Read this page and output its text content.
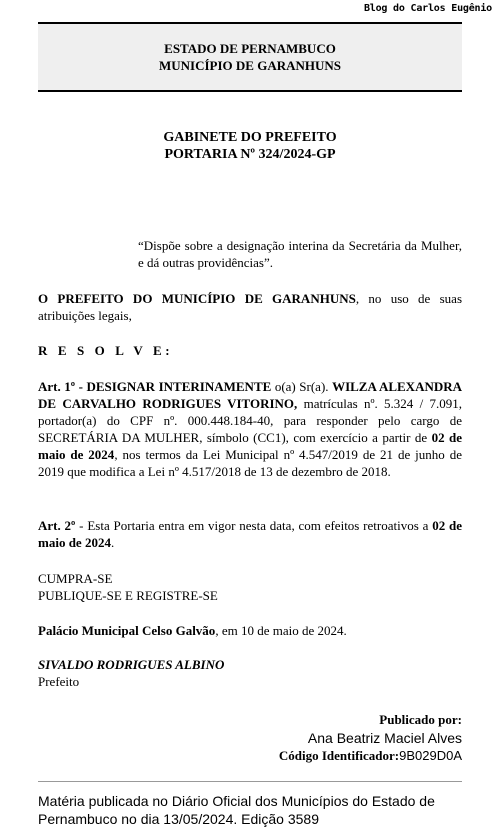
Blog do Carlos Eugênio
ESTADO DE PERNAMBUCO
MUNICÍPIO DE GARANHUNS
GABINETE DO PREFEITO
PORTARIA Nº 324/2024-GP
“Dispõe sobre a designação interina da Secretária da Mulher, e dá outras providências”.
O PREFEITO DO MUNICÍPIO DE GARANHUNS, no uso de suas atribuições legais,
R E S O L V E:
Art. 1º - DESIGNAR INTERINAMENTE o(a) Sr(a). WILZA ALEXANDRA DE CARVALHO RODRIGUES VITORINO, matrículas nº. 5.324 / 7.091, portador(a) do CPF nº. 000.448.184-40, para responder pelo cargo de SECRETÁRIA DA MULHER, símbolo (CC1), com exercício a partir de 02 de maio de 2024, nos termos da Lei Municipal nº 4.547/2019 de 21 de junho de 2019 que modifica a Lei nº 4.517/2018 de 13 de dezembro de 2018.
Art. 2º - Esta Portaria entra em vigor nesta data, com efeitos retroativos a 02 de maio de 2024.
CUMPRA-SE
PUBLIQUE-SE E REGISTRE-SE
Palácio Municipal Celso Galvão, em 10 de maio de 2024.
SIVALDO RODRIGUES ALBINO
Prefeito
Publicado por:
Ana Beatriz Maciel Alves
Código Identificador:9B029D0A
Matéria publicada no Diário Oficial dos Municípios do Estado de Pernambuco no dia 13/05/2024. Edição 3589
